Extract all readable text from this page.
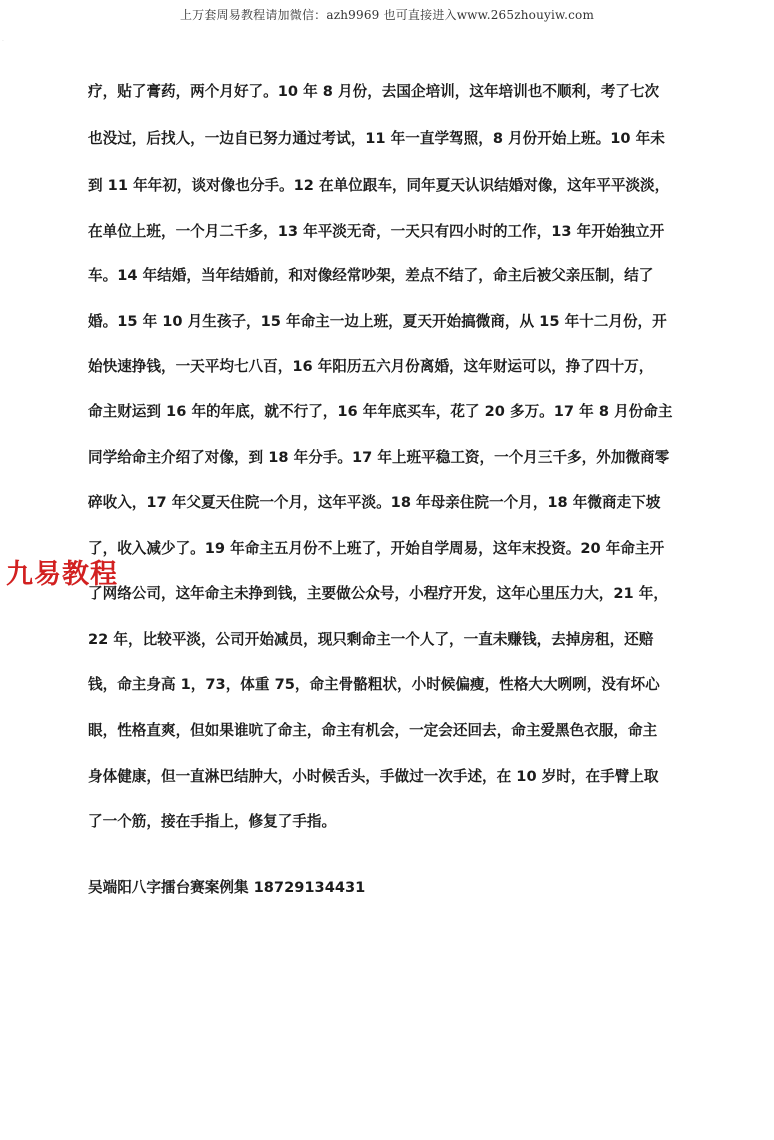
上万套周易教程请加微信：azh9969 也可直接进入www.265zhouyiw.com
·
疗，贴了膏药，两个月好了。10 年 8 月份，去国企培训，这年培训也不顺利，考了七次
也没过，后找人，一边自已努力通过考试，11 年一直学驾照，8 月份开始上班。10 年未
到 11 年年初，谈对像也分手。12 在单位跟车，同年夏天认识结婚对像，这年平平淡淡，
在单位上班，一个月二千多，13 年平淡无奇，一天只有四小时的工作，13 年开始独立开
车。14 年结婚，当年结婚前，和对像经常吵架，差点不结了，命主后被父亲压制，结了
婚。15 年 10 月生孩子，15 年命主一边上班，夏天开始搞微商，从 15 年十二月份，开
始快速挣钱，一天平均七八百，16 年阳历五六月份离婚，这年财运可以，挣了四十万，
命主财运到 16 年的年底，就不行了，16 年年底买车，花了 20 多万。17 年 8 月份命主
同学给命主介绍了对像，到 18 年分手。17 年上班平稳工资，一个月三千多，外加微商零
碎收入，17 年父夏天住院一个月，这年平淡。18 年母亲住院一个月，18 年微商走下坡
了，收入减少了。19 年命主五月份不上班了，开始自学周易，这年末投资。20 年命主开
了网络公司，这年命主未挣到钱，主要做公众号，小程疗开发，这年心里压力大，21 年，
22 年，比较平淡，公司开始减员，现只剩命主一个人了，一直未赚钱，去掉房租，还赔
钱，命主身高 1，73，体重 75，命主骨骼粗状，小时候偏瘦，性格大大咧咧，没有坏心
眼，性格直爽，但如果谁吭了命主，命主有机会，一定会还回去，命主爱黑色衣服，命主
身体健康，但一直淋巴结肿大，小时候舌头，手做过一次手述，在 10 岁时，在手臂上取
了一个筋，接在手指上，修复了手指。
九易教程
吴端阳八字擂台赛案例集 18729134431
